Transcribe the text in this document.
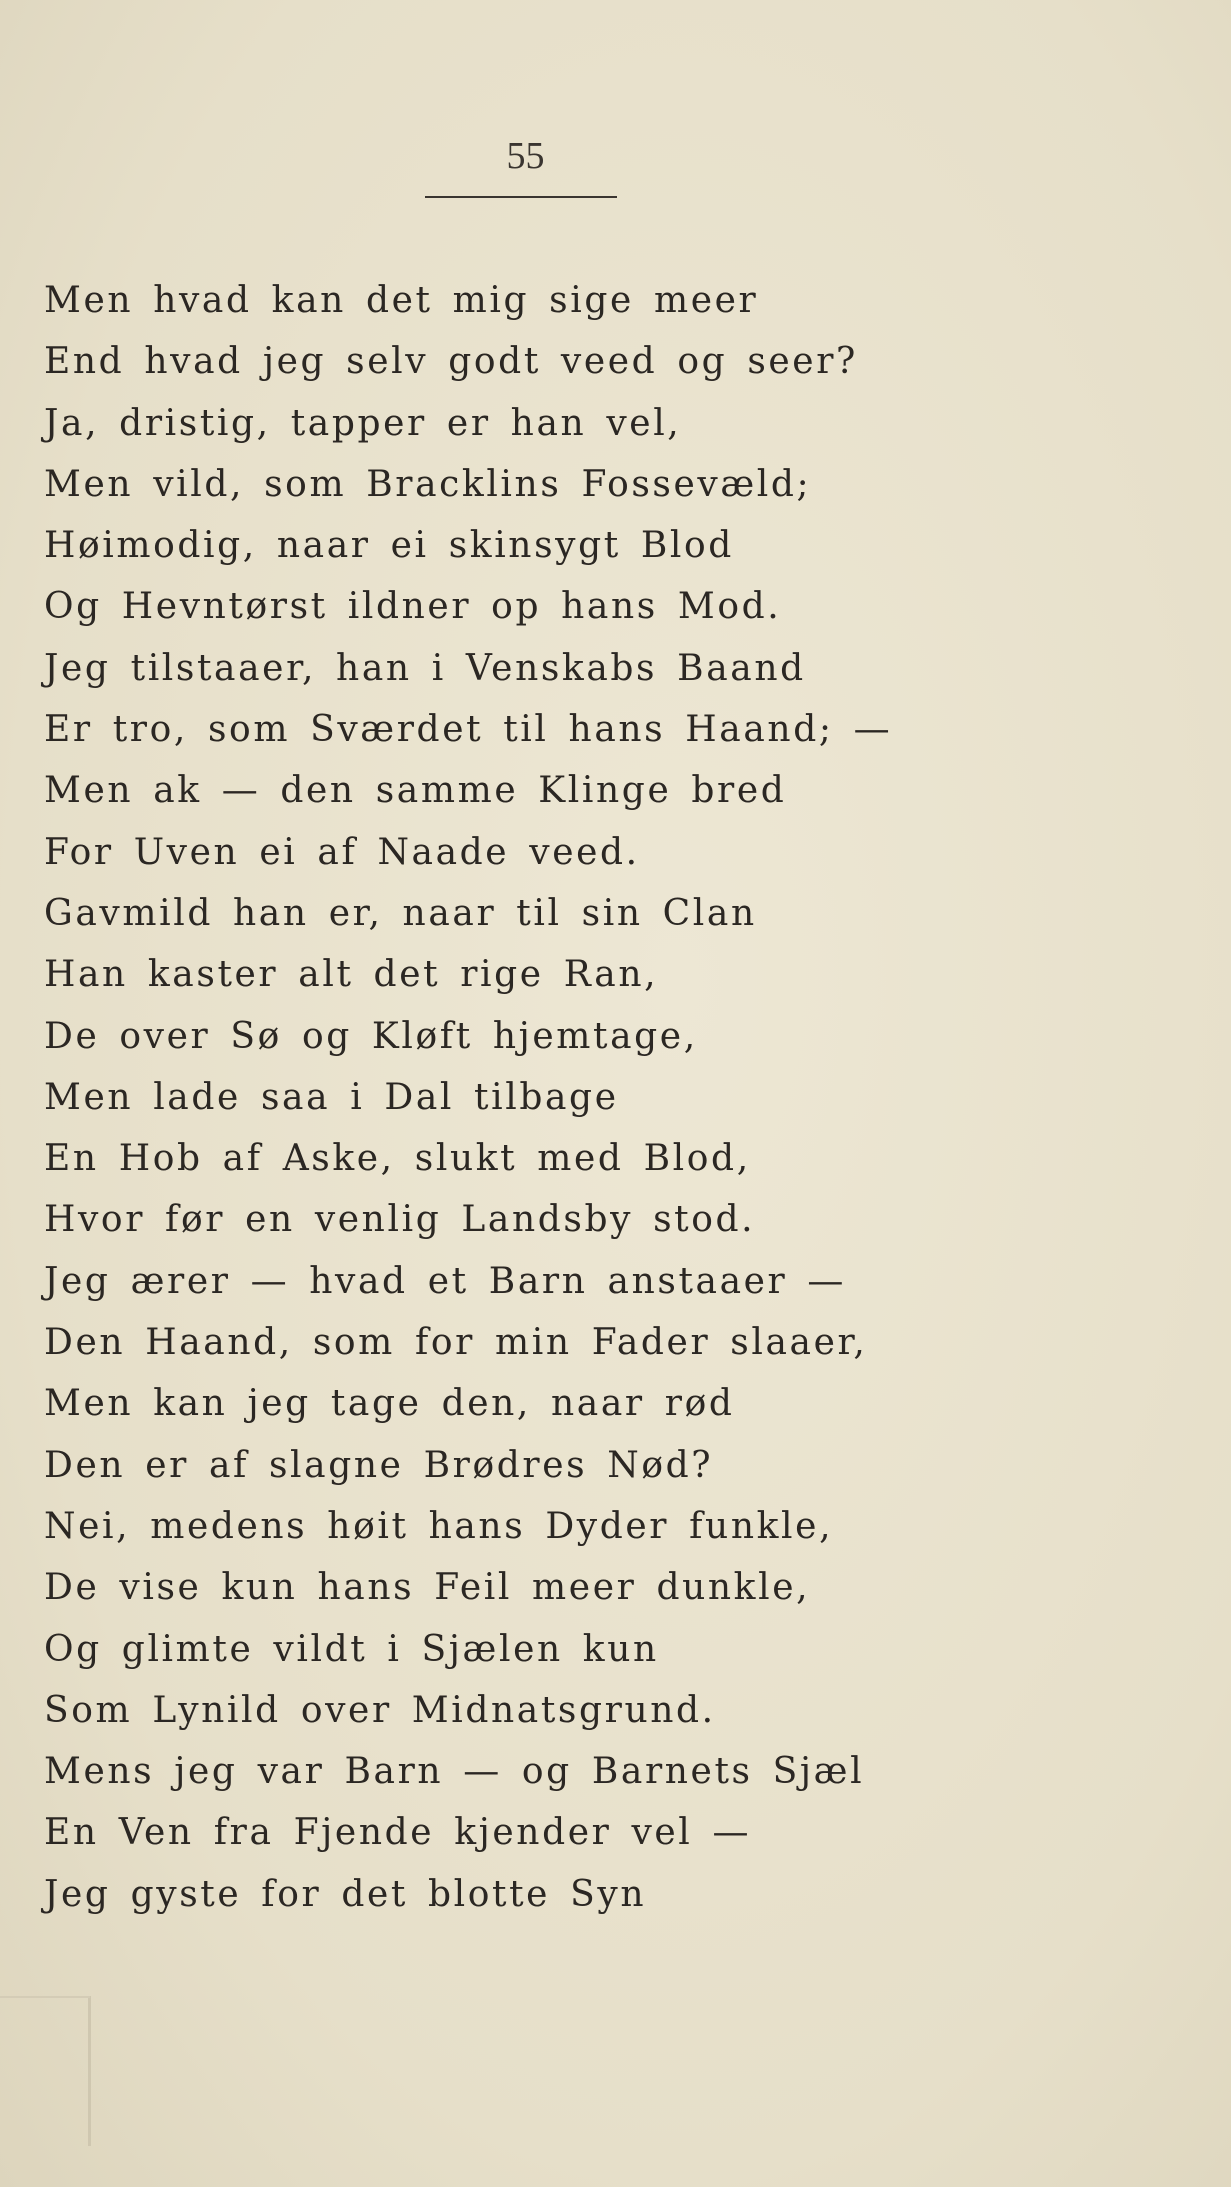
55
Men hvad kan det mig sige meer
End hvad jeg selv godt veed og seer?
Ja, dristig, tapper er han vel,
Men vild, som Bracklins Fossevæld;
Høimodig, naar ei skinsygt Blod
Og Hevntørst ildner op hans Mod.
Jeg tilstaaer, han i Venskabs Baand
Er tro, som Sværdet til hans Haand; —
Men ak — den samme Klinge bred
For Uven ei af Naade veed.
Gavmild han er, naar til sin Clan
Han kaster alt det rige Ran,
De over Sø og Kløft hjemtage,
Men lade saa i Dal tilbage
En Hob af Aske, slukt med Blod,
Hvor før en venlig Landsby stod.
Jeg ærer — hvad et Barn anstaaer —
Den Haand, som for min Fader slaaer,
Men kan jeg tage den, naar rød
Den er af slagne Brødres Nød?
Nei, medens høit hans Dyder funkle,
De vise kun hans Feil meer dunkle,
Og glimte vildt i Sjælen kun
Som Lynild over Midnatsgrund.
Mens jeg var Barn — og Barnets Sjæl
En Ven fra Fjende kjender vel —
Jeg gyste for det blotte Syn
